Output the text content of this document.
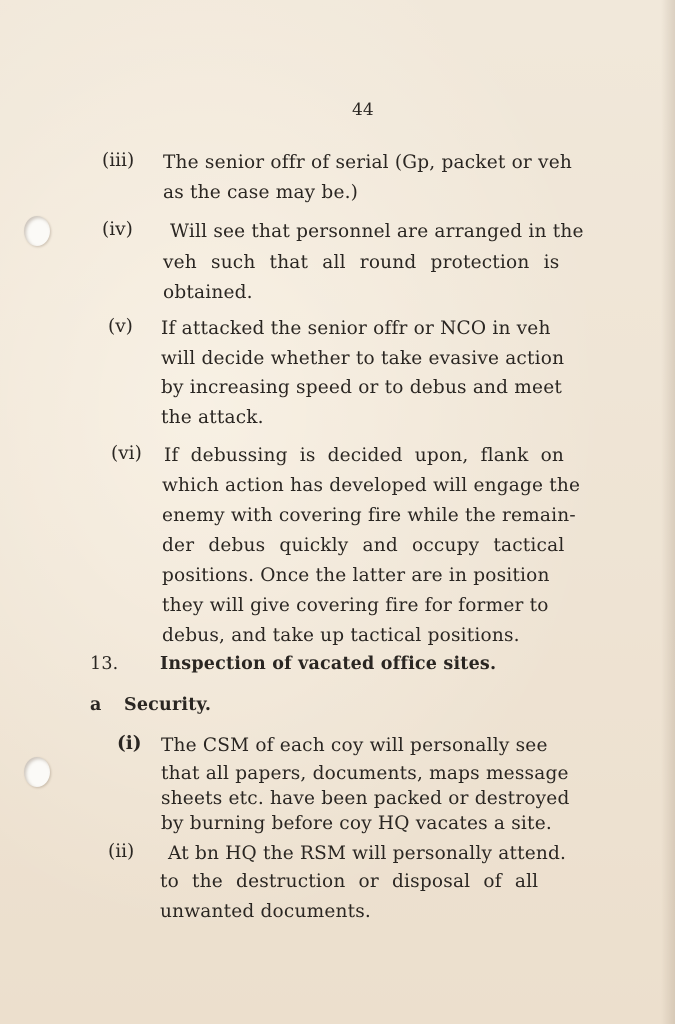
44
(iii) The senior offr of serial (Gp, packet or veh
as the case may be.)
(iv) Will see that personnel are arranged in the
veh such that all round protection is
obtained.
(v) If attacked the senior offr or NCO in veh
will decide whether to take evasive action
by increasing speed or to debus and meet
the attack.
(vi) If debussing is decided upon, flank on
which action has developed will engage the
enemy with covering fire while the remain-
der debus quickly and occupy tactical
positions. Once the latter are in position
they will give covering fire for former to
debus, and take up tactical positions.
13. Inspection of vacated office sites.
a Security.
(i) The CSM of each coy will personally see
that all papers, documents, maps message
sheets etc. have been packed or destroyed
by burning before coy HQ vacates a site.
(ii) At bn HQ the RSM will personally attend.
to the destruction or disposal of all
unwanted documents.
